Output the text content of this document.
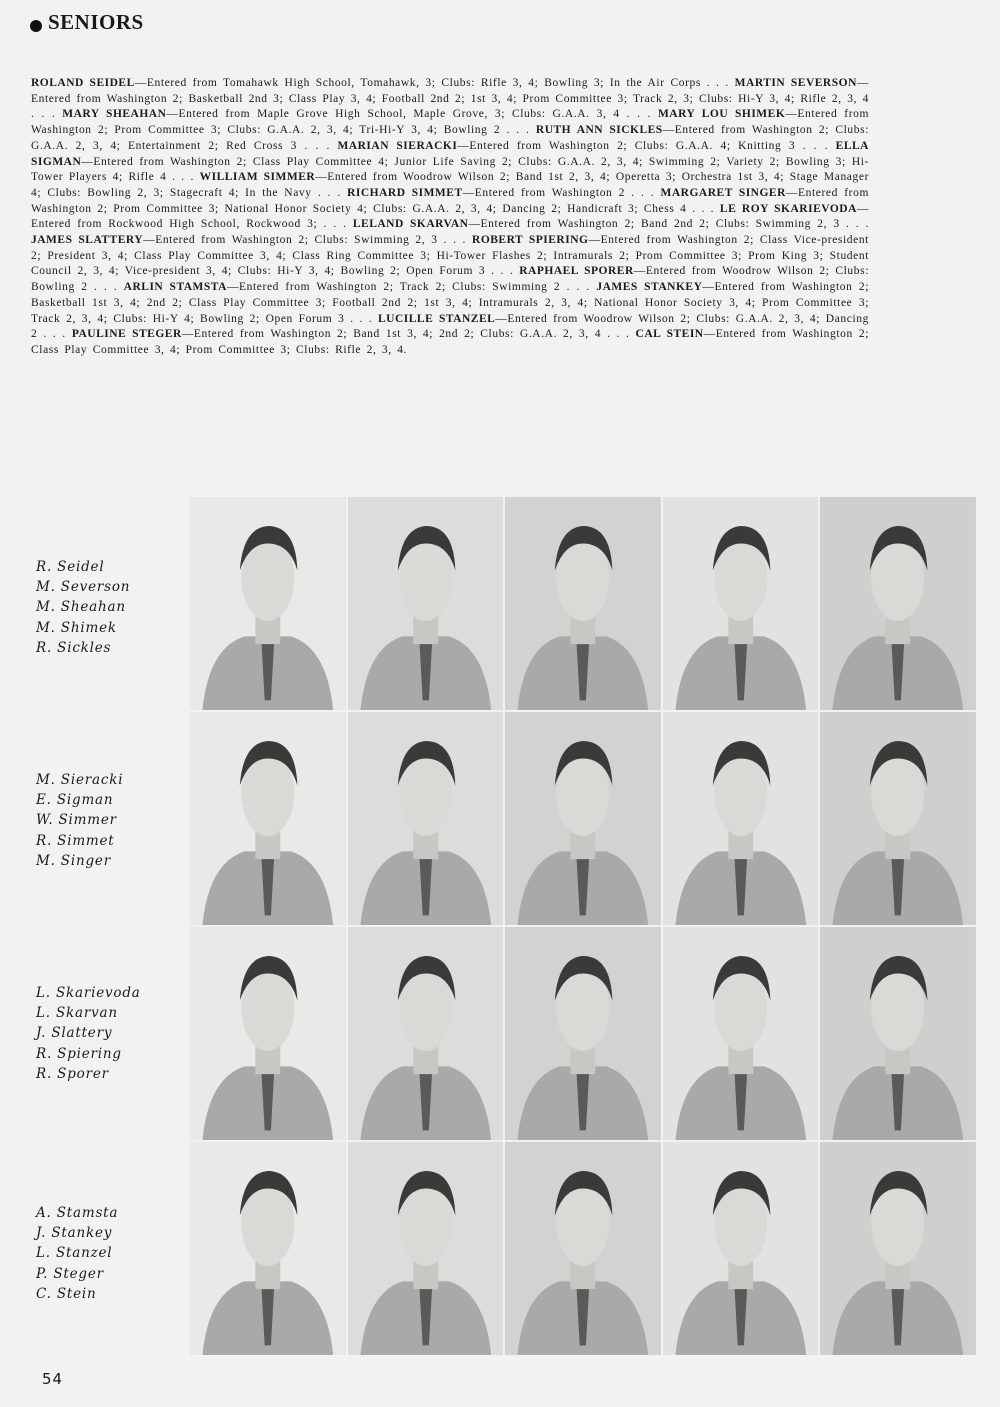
SENIORS
ROLAND SEIDEL—Entered from Tomahawk High School, Tomahawk, 3; Clubs: Rifle 3, 4; Bowling 3; In the Air Corps . . . MARTIN SEVERSON—Entered from Washington 2; Basketball 2nd 3; Class Play 3, 4; Football 2nd 2; 1st 3, 4; Prom Committee 3; Track 2, 3; Clubs: Hi-Y 3, 4; Rifle 2, 3, 4 . . . MARY SHEAHAN—Entered from Maple Grove High School, Maple Grove, 3; Clubs: G.A.A. 3, 4 . . . MARY LOU SHIMEK—Entered from Washington 2; Prom Committee 3; Clubs: G.A.A. 2, 3, 4; Tri-Hi-Y 3, 4; Bowling 2 . . . RUTH ANN SICKLES—Entered from Washington 2; Clubs: G.A.A. 2, 3, 4; Entertainment 2; Red Cross 3 . . . MARIAN SIERACKI—Entered from Washington 2; Clubs: G.A.A. 4; Knitting 3 . . . ELLA SIGMAN—Entered from Washington 2; Class Play Committee 4; Junior Life Saving 2; Clubs: G.A.A. 2, 3, 4; Swimming 2; Variety 2; Bowling 3; Hi-Tower Players 4; Rifle 4 . . . WILLIAM SIMMER—Entered from Woodrow Wilson 2; Band 1st 2, 3, 4; Operetta 3; Orchestra 1st 3, 4; Stage Manager 4; Clubs: Bowling 2, 3; Stagecraft 4; In the Navy . . . RICHARD SIMMET—Entered from Washington 2 . . . MARGARET SINGER—Entered from Washington 2; Prom Committee 3; National Honor Society 4; Clubs: G.A.A. 2, 3, 4; Dancing 2; Handicraft 3; Chess 4 . . . LE ROY SKARIEVODA—Entered from Rockwood High School, Rockwood 3; . . . LELAND SKARVAN—Entered from Washington 2; Band 2nd 2; Clubs: Swimming 2, 3 . . . JAMES SLATTERY—Entered from Washington 2; Clubs: Swimming 2, 3 . . . ROBERT SPIERING—Entered from Washington 2; Class Vice-president 2; President 3, 4; Class Play Committee 3, 4; Class Ring Committee 3; Hi-Tower Flashes 2; Intramurals 2; Prom Committee 3; Prom King 3; Student Council 2, 3, 4; Vice-president 3, 4; Clubs: Hi-Y 3, 4; Bowling 2; Open Forum 3 . . . RAPHAEL SPORER—Entered from Woodrow Wilson 2; Clubs: Bowling 2 . . . ARLIN STAMSTA—Entered from Washington 2; Track 2; Clubs: Swimming 2 . . . JAMES STANKEY—Entered from Washington 2; Basketball 1st 3, 4; 2nd 2; Class Play Committee 3; Football 2nd 2; 1st 3, 4; Intramurals 2, 3, 4; National Honor Society 3, 4; Prom Committee 3; Track 2, 3, 4; Clubs: Hi-Y 4; Bowling 2; Open Forum 3 . . . LUCILLE STANZEL—Entered from Woodrow Wilson 2; Clubs: G.A.A. 2, 3, 4; Dancing 2 . . . PAULINE STEGER—Entered from Washington 2; Band 1st 3, 4; 2nd 2; Clubs: G.A.A. 2, 3, 4 . . . CAL STEIN—Entered from Washington 2; Class Play Committee 3, 4; Prom Committee 3; Clubs: Rifle 2, 3, 4.
R. Seidel
M. Severson
M. Sheahan
M. Shimek
R. Sickles
M. Sieracki
E. Sigman
W. Simmer
R. Simmet
M. Singer
L. Skarievoda
L. Skarvan
J. Slattery
R. Spiering
R. Sporer
A. Stamsta
J. Stankey
L. Stanzel
P. Steger
C. Stein
54
